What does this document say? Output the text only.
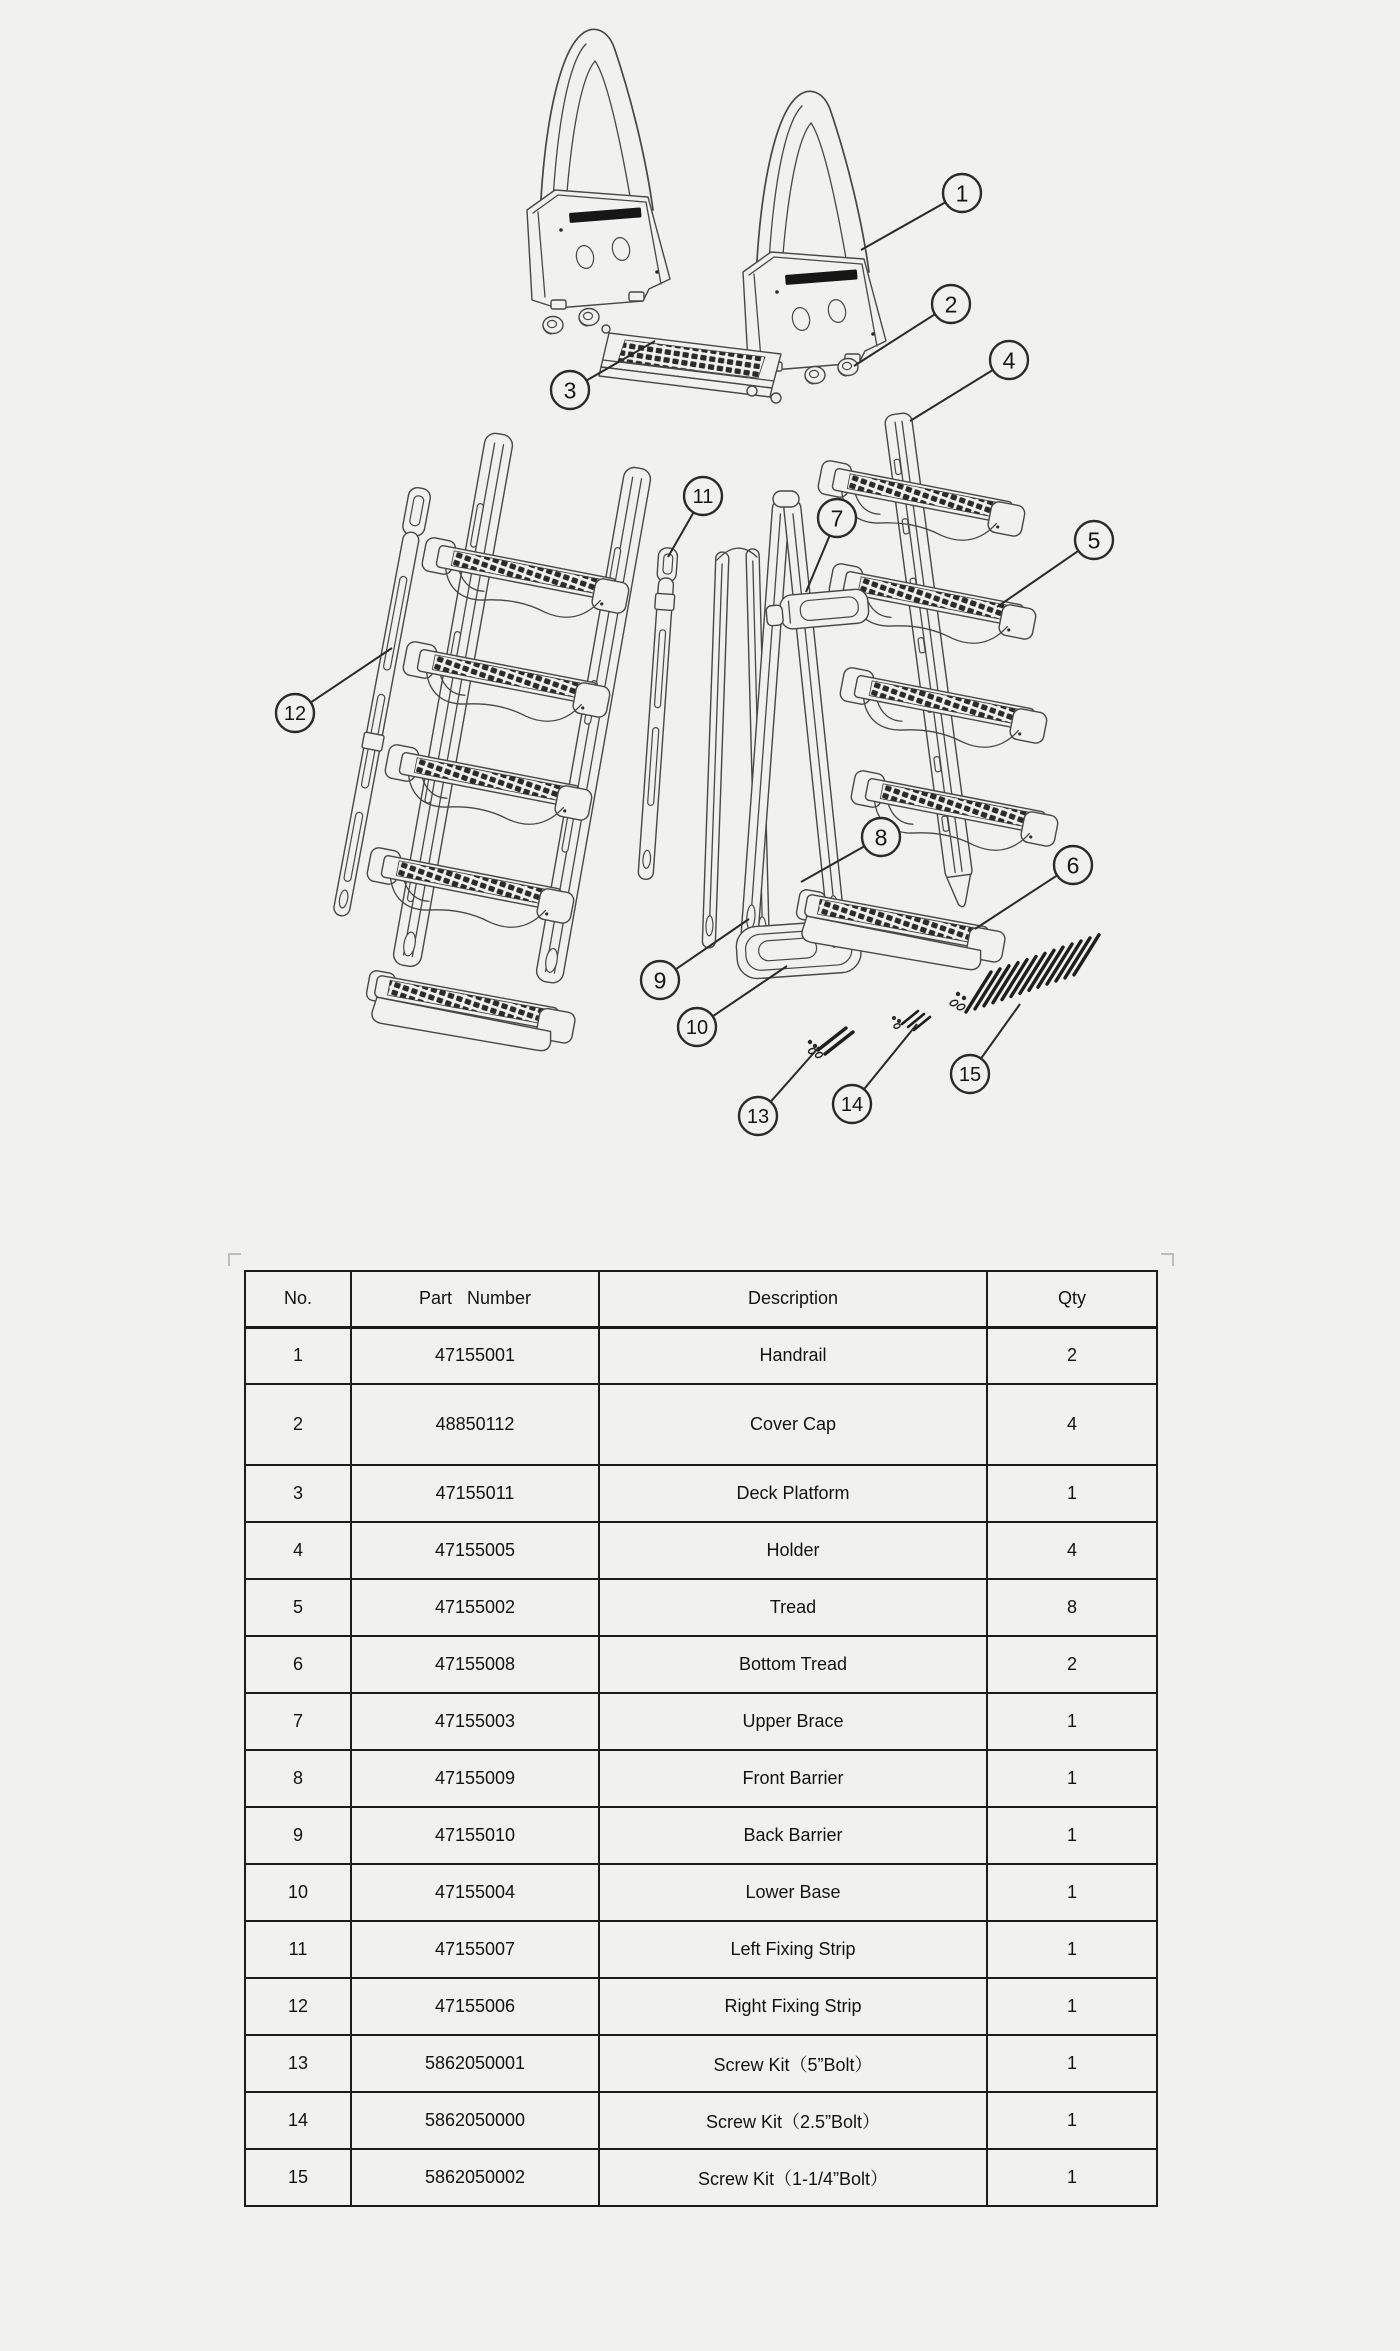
1
2
3
4
5
6
7
8
9
10
11
12
13
14
15
No.	Part   Number	Description	Qty
1	47155001	Handrail	2
2	48850112	Cover Cap	4
3	47155011	Deck Platform	1
4	47155005	Holder	4
5	47155002	Tread	8
6	47155008	Bottom Tread	2
7	47155003	Upper Brace	1
8	47155009	Front Barrier	1
9	47155010	Back Barrier	1
10	47155004	Lower Base	1
11	47155007	Left Fixing Strip	1
12	47155006	Right Fixing Strip	1
13	5862050001	Screw Kit（5”Bolt）	1
14	5862050000	Screw Kit（2.5”Bolt）	1
15	5862050002	Screw Kit（1-1/4”Bolt）	1
